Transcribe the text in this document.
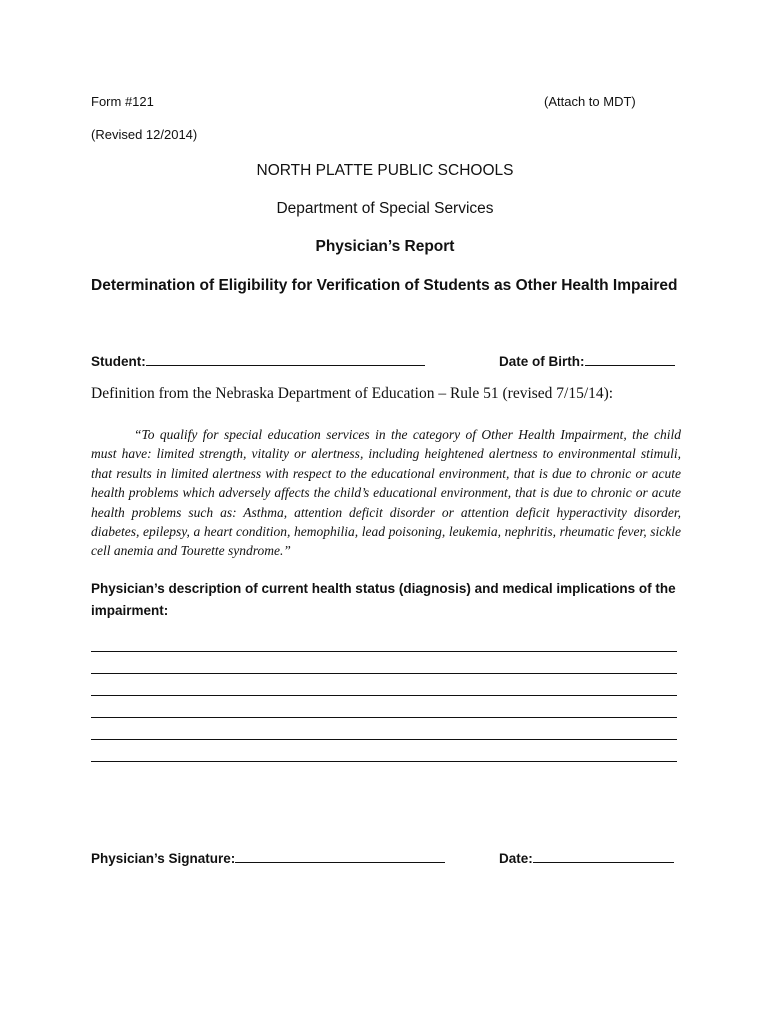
Form #121	(Attach to MDT)
(Revised 12/2014)
NORTH PLATTE PUBLIC SCHOOLS
Department of Special Services
Physician’s Report
Determination of Eligibility for Verification of Students as Other Health Impaired
Student:	Date of Birth:
Definition from the Nebraska Department of Education – Rule 51 (revised 7/15/14):

“To qualify for special education services in the category of Other Health Impairment, the child must have: limited strength, vitality or alertness, including heightened alertness to environmental stimuli, that results in limited alertness with respect to the educational environment, that is due to chronic or acute health problems which adversely affects the child’s educational environment, that is due to chronic or acute health problems such as: Asthma, attention deficit disorder or attention deficit hyperactivity disorder, diabetes, epilepsy, a heart condition, hemophilia, lead poisoning, leukemia, nephritis, rheumatic fever, sickle cell anemia and Tourette syndrome.”

Physician’s description of current health status (diagnosis) and medical implications of the impairment:

Physician’s Signature:	Date:
